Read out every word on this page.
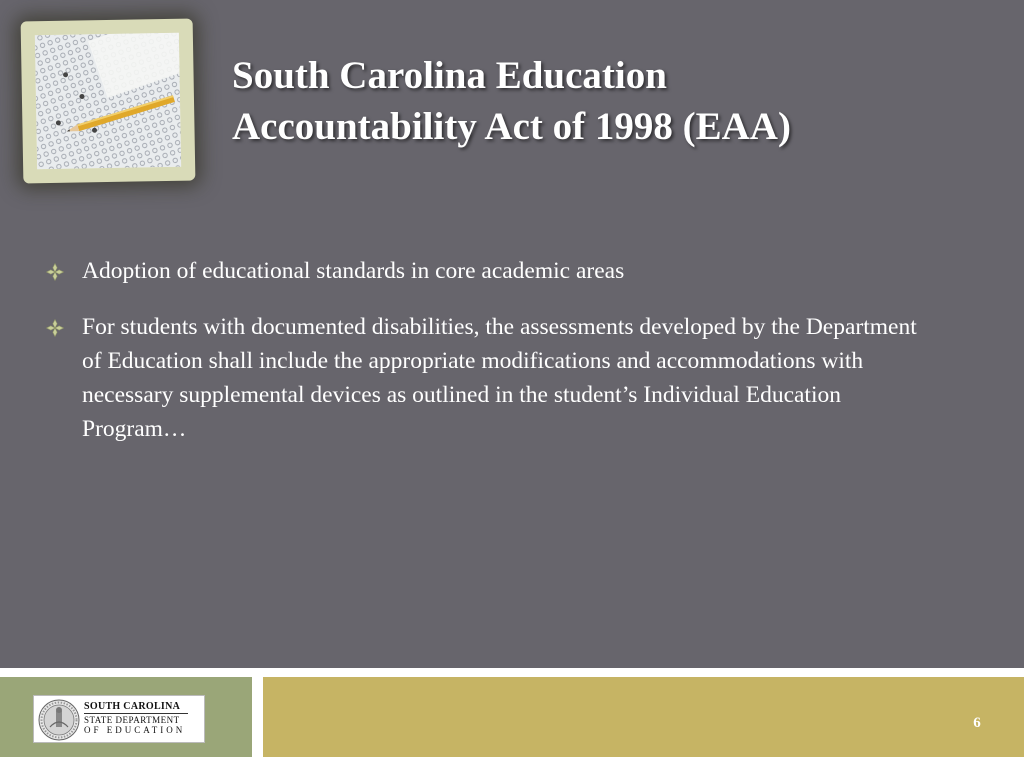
South Carolina Education
Accountability Act of 1998 (EAA)
Adoption of educational standards in core academic areas
For students with documented disabilities, the assessments developed by the Department of Education shall include the appropriate modifications and accommodations with necessary supplemental devices as outlined in the student’s Individual Education Program…
SOUTH CAROLINA
STATE DEPARTMENT
OF EDUCATION	6
